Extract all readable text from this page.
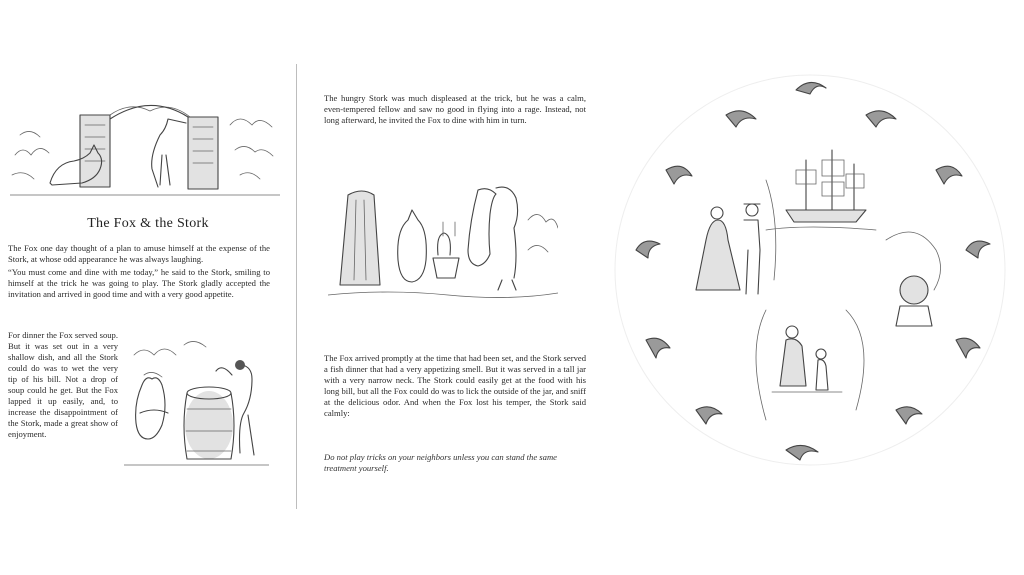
The Fox & the Stork
The Fox one day thought of a plan to amuse himself at the expense of the Stork, at whose odd appearance he was always laughing.
“You must come and dine with me today,” he said to the Stork, smiling to himself at the trick he was going to play. The Stork gladly accepted the invitation and arrived in good time and with a very good appetite.
For dinner the Fox served soup. But it was set out in a very shallow dish, and all the Stork could do was to wet the very tip of his bill. Not a drop of soup could he get. But the Fox lapped it up easily, and, to increase the disappointment of the Stork, made a great show of enjoyment.
The hungry Stork was much displeased at the trick, but he was a calm, even-tempered fellow and saw no good in flying into a rage. Instead, not long afterward, he invited the Fox to dine with him in turn.
The Fox arrived promptly at the time that had been set, and the Stork served a fish dinner that had a very appetizing smell. But it was served in a tall jar with a very narrow neck. The Stork could easily get at the food with his long bill, but all the Fox could do was to lick the outside of the jar, and sniff at the delicious odor. And when the Fox lost his temper, the Stork said calmly:
Do not play tricks on your neighbors unless you can stand the same treatment yourself.
